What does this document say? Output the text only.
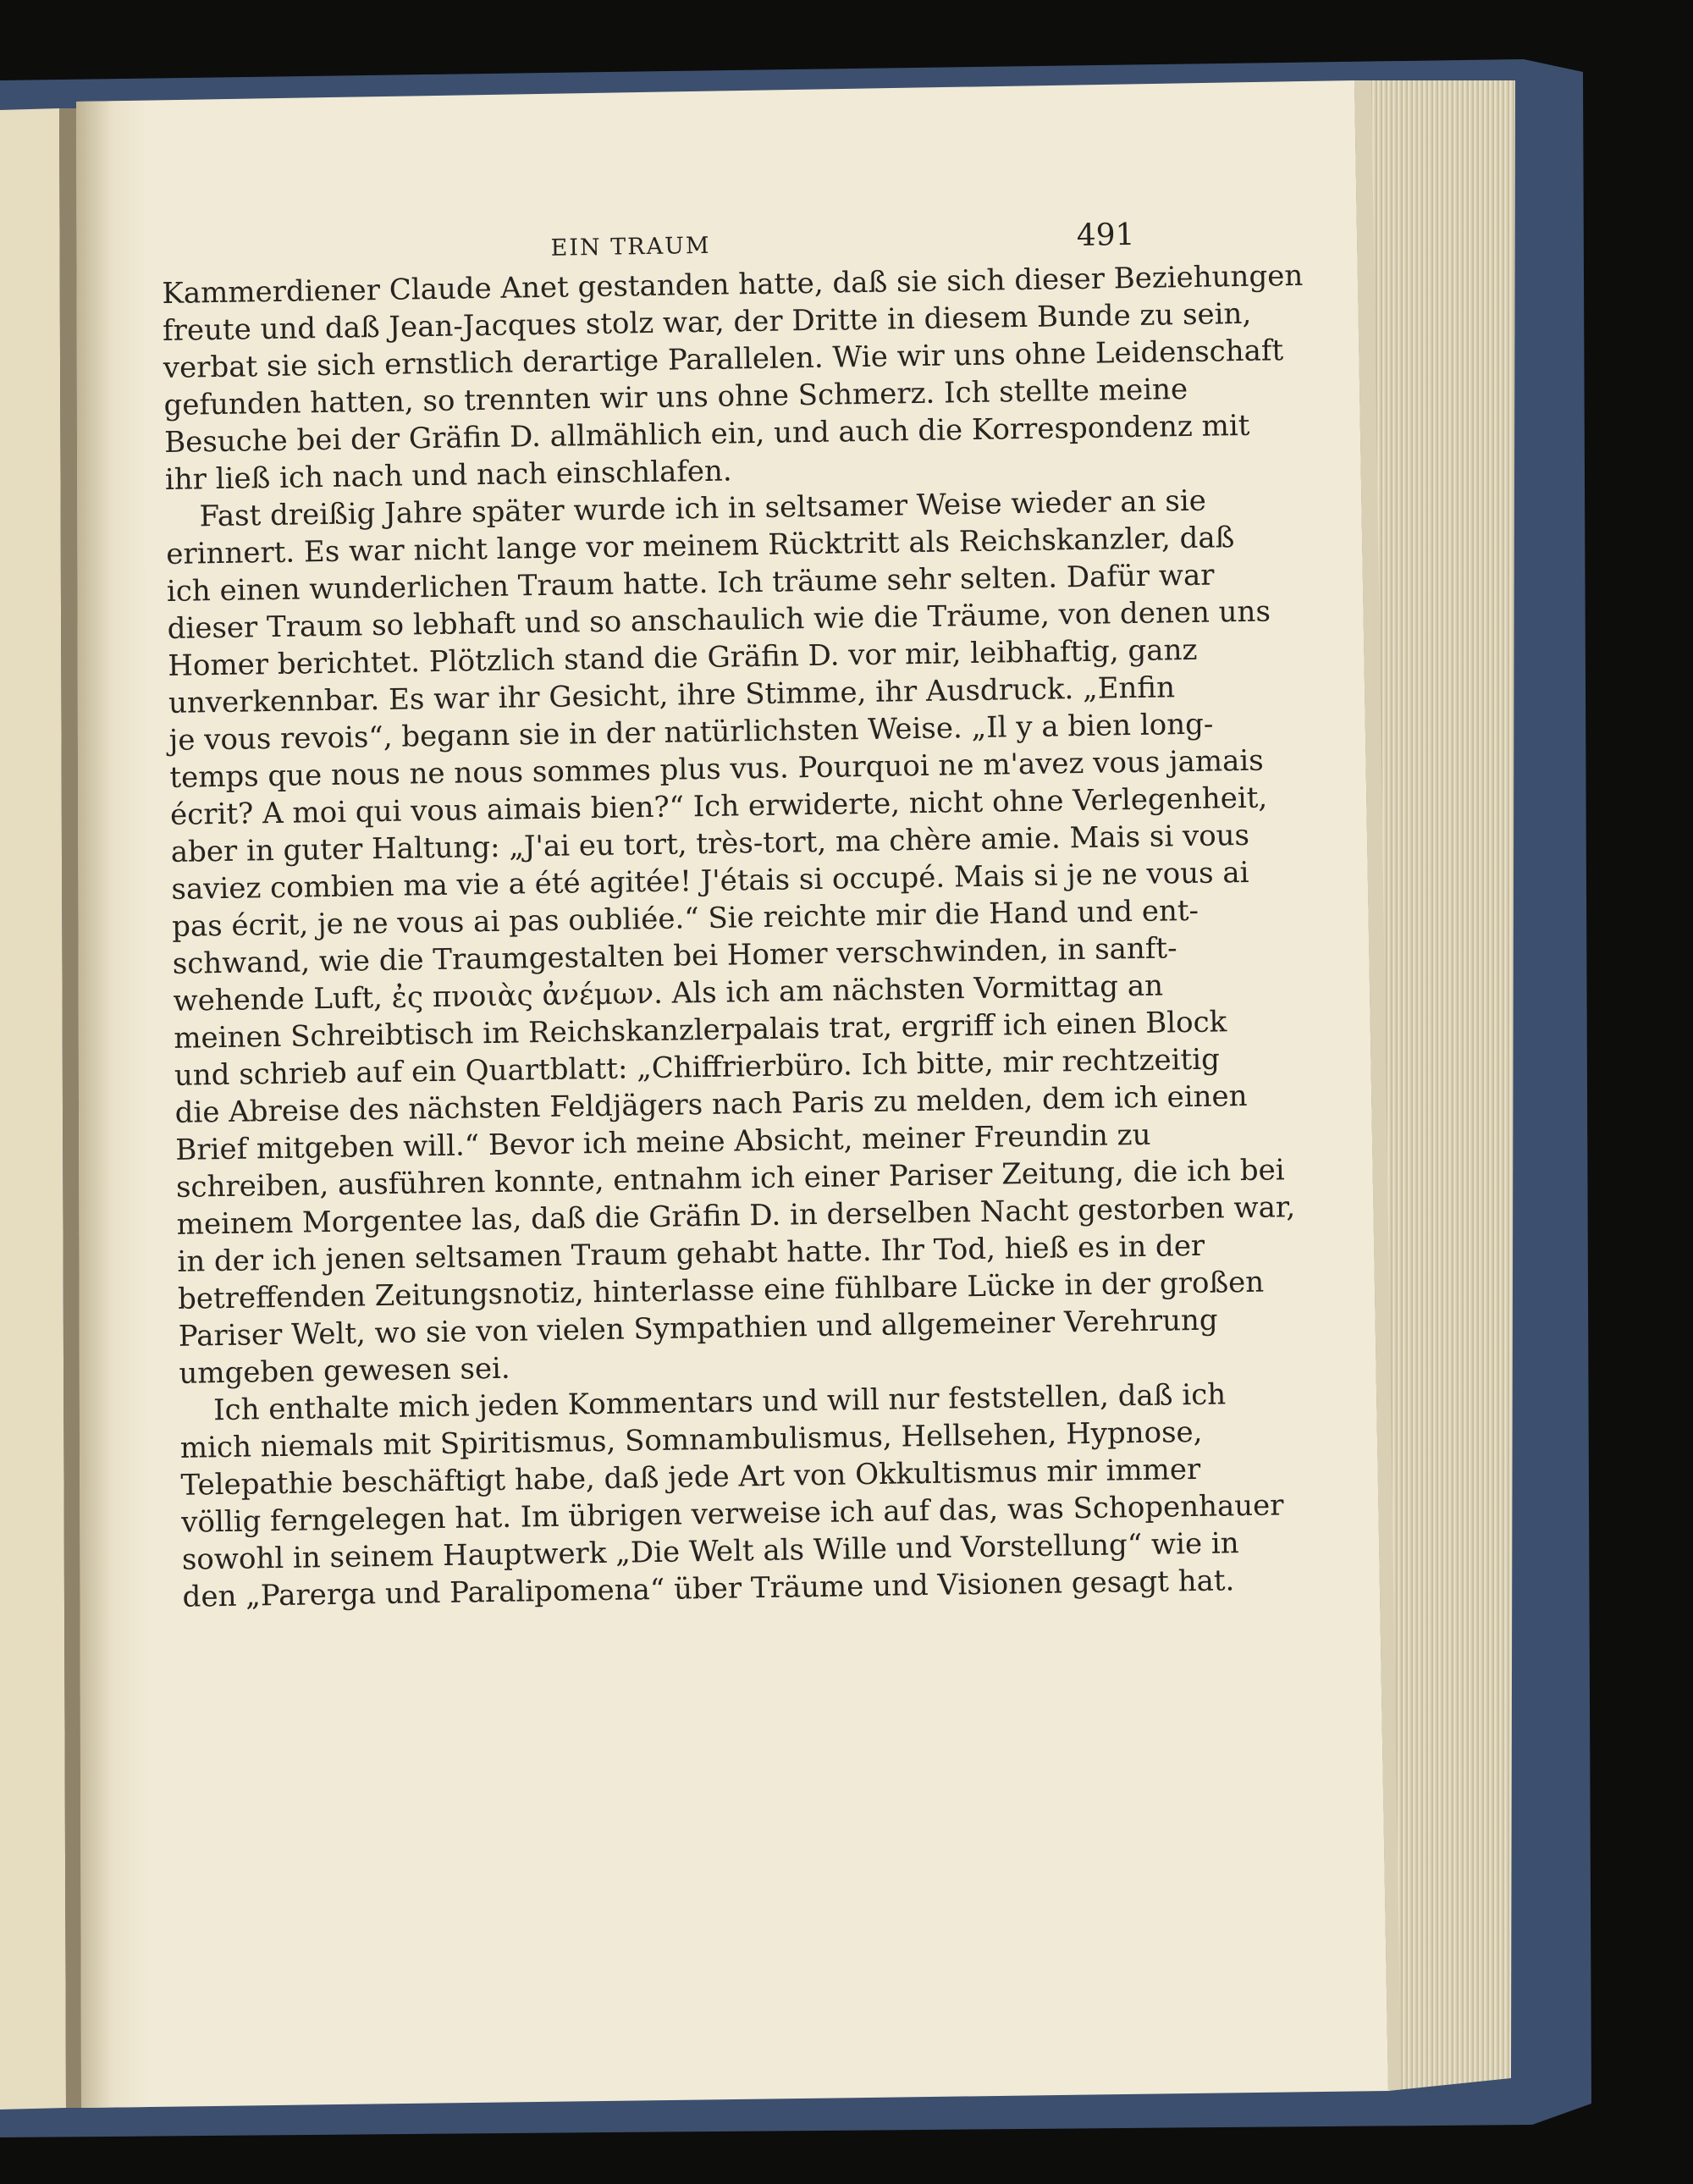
EIN TRAUM	491
Kammerdiener Claude Anet gestanden hatte, daß sie sich dieser Beziehungen
freute und daß Jean-Jacques stolz war, der Dritte in diesem Bunde zu sein,
verbat sie sich ernstlich derartige Parallelen. Wie wir uns ohne Leidenschaft
gefunden hatten, so trennten wir uns ohne Schmerz. Ich stellte meine
Besuche bei der Gräfin D. allmählich ein, und auch die Korrespondenz mit
ihr ließ ich nach und nach einschlafen.
Fast dreißig Jahre später wurde ich in seltsamer Weise wieder an sie
erinnert. Es war nicht lange vor meinem Rücktritt als Reichskanzler, daß
ich einen wunderlichen Traum hatte. Ich träume sehr selten. Dafür war
dieser Traum so lebhaft und so anschaulich wie die Träume, von denen uns
Homer berichtet. Plötzlich stand die Gräfin D. vor mir, leibhaftig, ganz
unverkennbar. Es war ihr Gesicht, ihre Stimme, ihr Ausdruck. „Enfin
je vous revois“, begann sie in der natürlichsten Weise. „Il y a bien long-
temps que nous ne nous sommes plus vus. Pourquoi ne m'avez vous jamais
écrit? A moi qui vous aimais bien?“ Ich erwiderte, nicht ohne Verlegenheit,
aber in guter Haltung: „J'ai eu tort, très-tort, ma chère amie. Mais si vous
saviez combien ma vie a été agitée! J'étais si occupé. Mais si je ne vous ai
pas écrit, je ne vous ai pas oubliée.“ Sie reichte mir die Hand und ent-
schwand, wie die Traumgestalten bei Homer verschwinden, in sanft-
wehende Luft, ἐς πνοιὰς ἀνέμων. Als ich am nächsten Vormittag an
meinen Schreibtisch im Reichskanzlerpalais trat, ergriff ich einen Block
und schrieb auf ein Quartblatt: „Chiffrierbüro. Ich bitte, mir rechtzeitig
die Abreise des nächsten Feldjägers nach Paris zu melden, dem ich einen
Brief mitgeben will.“ Bevor ich meine Absicht, meiner Freundin zu
schreiben, ausführen konnte, entnahm ich einer Pariser Zeitung, die ich bei
meinem Morgentee las, daß die Gräfin D. in derselben Nacht gestorben war,
in der ich jenen seltsamen Traum gehabt hatte. Ihr Tod, hieß es in der
betreffenden Zeitungsnotiz, hinterlasse eine fühlbare Lücke in der großen
Pariser Welt, wo sie von vielen Sympathien und allgemeiner Verehrung
umgeben gewesen sei.
Ich enthalte mich jeden Kommentars und will nur feststellen, daß ich
mich niemals mit Spiritismus, Somnambulismus, Hellsehen, Hypnose,
Telepathie beschäftigt habe, daß jede Art von Okkultismus mir immer
völlig ferngelegen hat. Im übrigen verweise ich auf das, was Schopenhauer
sowohl in seinem Hauptwerk „Die Welt als Wille und Vorstellung“ wie in
den „Parerga und Paralipomena“ über Träume und Visionen gesagt hat.
